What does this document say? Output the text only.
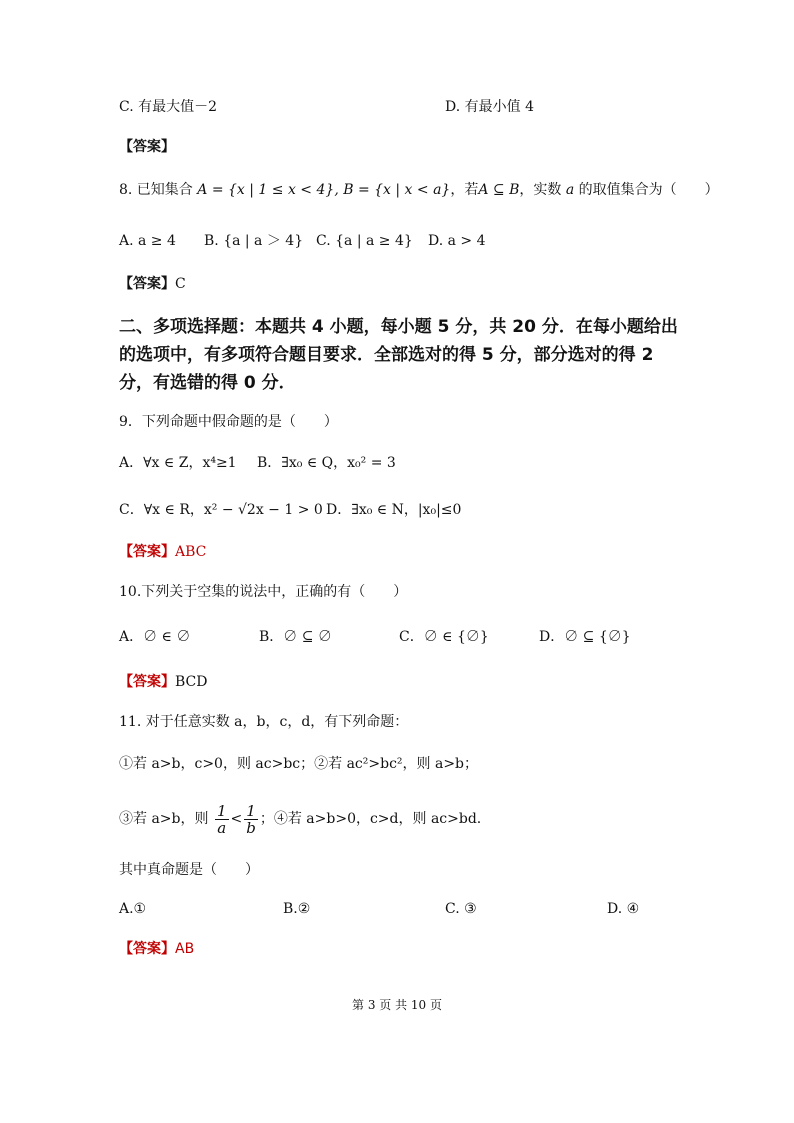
C. 有最大值－2	D. 有最小值 4
【答案】
8. 已知集合 A = {x | 1 ≤ x < 4}, B = {x | x < a}，若A ⊆ B，实数 a 的取值集合为（　　）
A. a ≥ 4 B. {a | a ＞ 4} C. {a | a ≥ 4} D. a > 4
【答案】C
二、多项选择题：本题共 4 小题，每小题 5 分，共 20 分．在每小题给出的选项中，有多项符合题目要求．全部选对的得 5 分，部分选对的得 2 分，有选错的得 0 分．
9．下列命题中假命题的是（　　）
A．∀x ∈ Z，x⁴≥1 B．∃x₀ ∈ Q，x₀² = 3
C．∀x ∈ R，x² − √2x − 1 > 0 D．∃x₀ ∈ N，|x₀|≤0
【答案】ABC
10.下列关于空集的说法中，正确的有（　　）
A．∅ ∈ ∅	B．∅ ⊆ ∅	C．∅ ∈ {∅}	D．∅ ⊆ {∅}
【答案】BCD
11. 对于任意实数 a，b，c，d，有下列命题：
①若 a>b，c>0，则 ac>bc；②若 ac²>bc²，则 a>b；
③若 a>b，则 $\frac{1}{a} < \frac{1}{b}$ ；④若 a>b>0，c>d，则 ac>bd.
其中真命题是（　　）
A.①	B.②	C. ③	D. ④
【答案】AB
第 3 页 共 10 页
